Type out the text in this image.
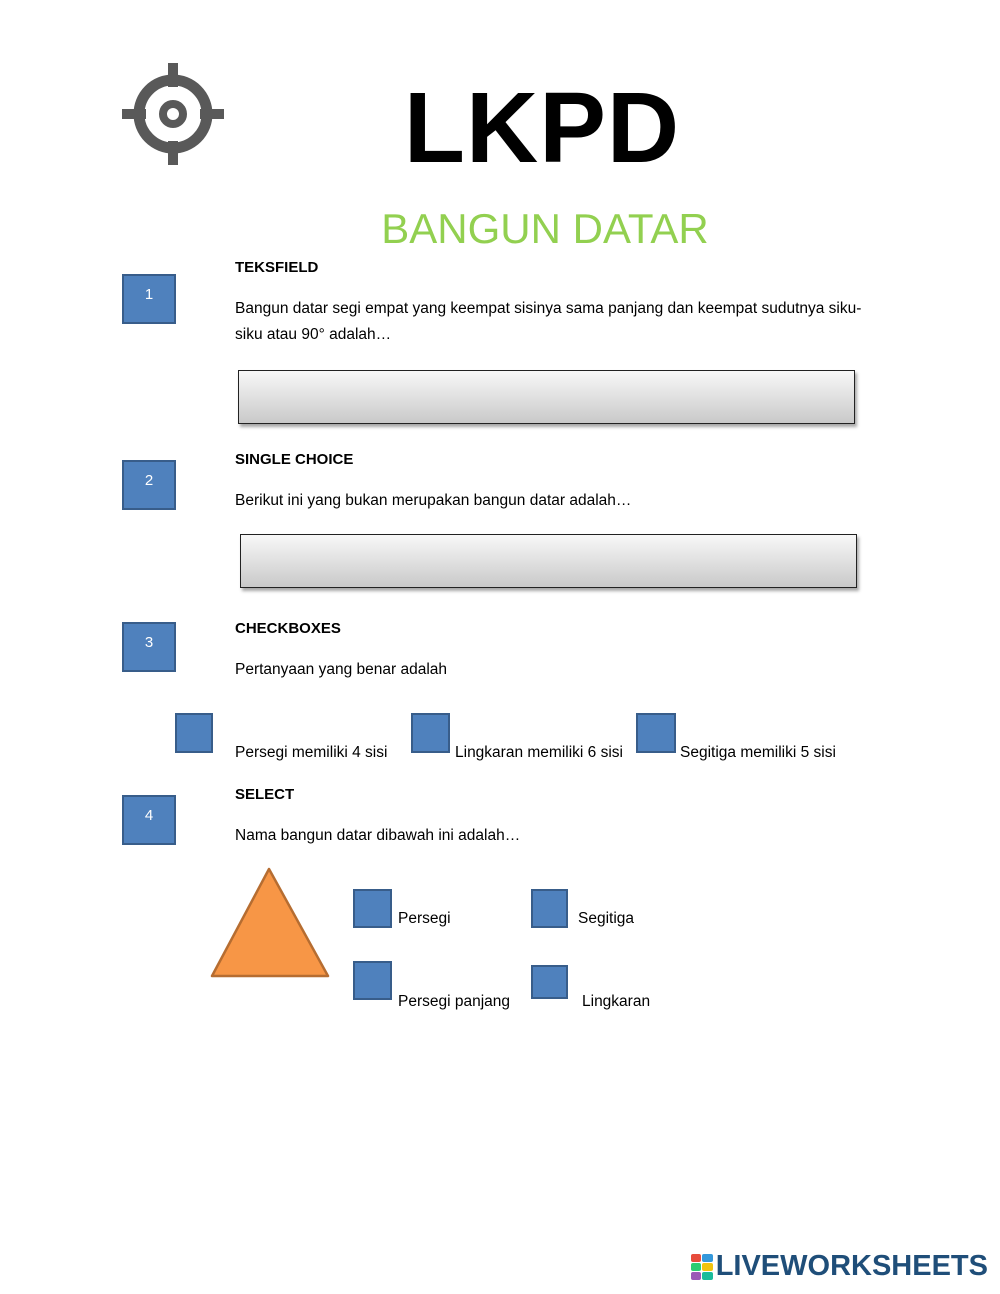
LKPD
BANGUN DATAR
1
TEKSFIELD
Bangun datar segi empat yang keempat sisinya sama panjang dan keempat sudutnya siku-siku atau 90° adalah…
2
SINGLE CHOICE
Berikut ini yang bukan merupakan bangun datar adalah…
3
CHECKBOXES
Pertanyaan yang benar adalah
Persegi memiliki 4 sisi	Lingkaran memiliki 6 sisi	Segitiga memiliki 5 sisi
4
SELECT
Nama bangun datar dibawah ini adalah…
Persegi	Segitiga
Persegi panjang	Lingkaran
LIVEWORKSHEETS
